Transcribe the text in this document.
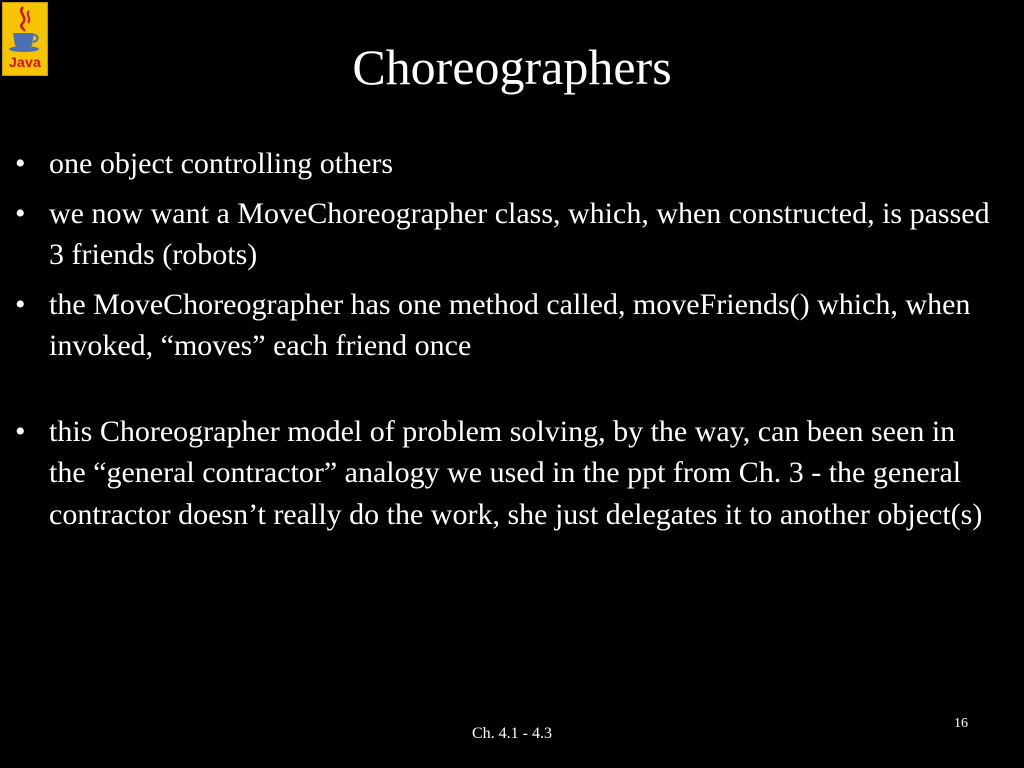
Java	Choreographers
• one object controlling others
• we now want a MoveChoreographer class, which, when constructed, is passed 3 friends (robots)
• the MoveChoreographer has one method called, moveFriends() which, when invoked, “moves” each friend once
• this Choreographer model of problem solving, by the way, can been seen in the “general contractor” analogy we used in the ppt from Ch. 3 - the general contractor doesn’t really do the work, she just delegates it to another object(s)
Ch. 4.1 - 4.3
16
